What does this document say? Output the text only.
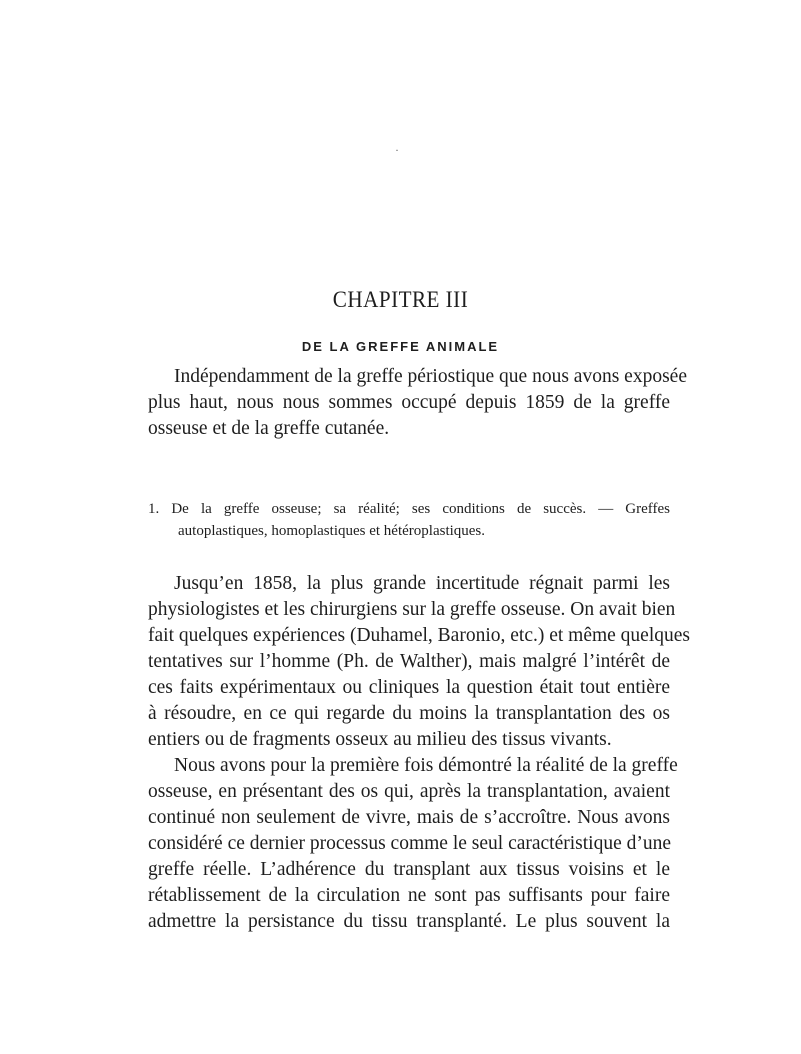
·
CHAPITRE III
DE LA GREFFE ANIMALE
Indépendamment de la greffe périostique que nous avons exposée
plus haut, nous nous sommes occupé depuis 1859 de la greffe
osseuse et de la greffe cutanée.
1. De la greffe osseuse; sa réalité; ses conditions de succès. — Greffes
autoplastiques, homoplastiques et hétéroplastiques.
Jusqu’en 1858, la plus grande incertitude régnait parmi les
physiologistes et les chirurgiens sur la greffe osseuse. On avait bien
fait quelques expériences (Duhamel, Baronio, etc.) et même quelques
tentatives sur l’homme (Ph. de Walther), mais malgré l’intérêt de
ces faits expérimentaux ou cliniques la question était tout entière
à résoudre, en ce qui regarde du moins la transplantation des os
entiers ou de fragments osseux au milieu des tissus vivants.
Nous avons pour la première fois démontré la réalité de la greffe
osseuse, en présentant des os qui, après la transplantation, avaient
continué non seulement de vivre, mais de s’accroître. Nous avons
considéré ce dernier processus comme le seul caractéristique d’une
greffe réelle. L’adhérence du transplant aux tissus voisins et le
rétablissement de la circulation ne sont pas suffisants pour faire
admettre la persistance du tissu transplanté. Le plus souvent la
